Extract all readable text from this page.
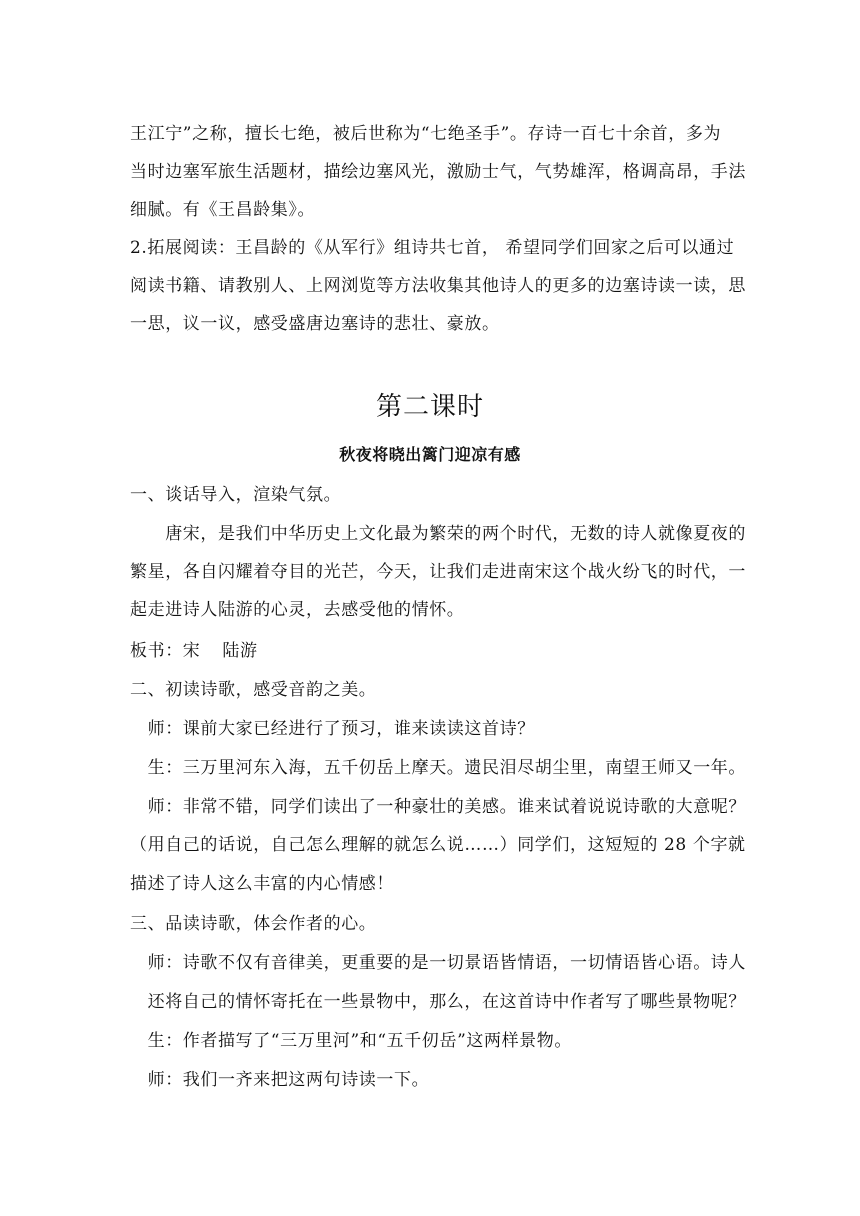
王江宁”之称，擅长七绝，被后世称为“七绝圣手”。存诗一百七十余首，多为
当时边塞军旅生活题材，描绘边塞风光，激励士气，气势雄浑，格调高昂，手法
细腻。有《王昌龄集》。
2.拓展阅读：王昌龄的《从军行》组诗共七首， 希望同学们回家之后可以通过
阅读书籍、请教别人、上网浏览等方法收集其他诗人的更多的边塞诗读一读，思
一思，议一议，感受盛唐边塞诗的悲壮、豪放。
第二课时
秋夜将晓出篱门迎凉有感
一、谈话导入，渲染气氛。
　　唐宋，是我们中华历史上文化最为繁荣的两个时代，无数的诗人就像夏夜的
繁星，各自闪耀着夺目的光芒，今天，让我们走进南宋这个战火纷飞的时代，一
起走进诗人陆游的心灵，去感受他的情怀。
板书：宋 陆游
二、初读诗歌，感受音韵之美。
　师：课前大家已经进行了预习，谁来读读这首诗？
　生：三万里河东入海，五千仞岳上摩天。遗民泪尽胡尘里，南望王师又一年。
　师：非常不错，同学们读出了一种豪壮的美感。谁来试着说说诗歌的大意呢？
（用自己的话说，自己怎么理解的就怎么说……）同学们，这短短的 28 个字就
描述了诗人这么丰富的内心情感！
三、品读诗歌，体会作者的心。
　师：诗歌不仅有音律美，更重要的是一切景语皆情语，一切情语皆心语。诗人
　还将自己的情怀寄托在一些景物中，那么，在这首诗中作者写了哪些景物呢？
　生：作者描写了“三万里河”和“五千仞岳”这两样景物。
　师：我们一齐来把这两句诗读一下。
